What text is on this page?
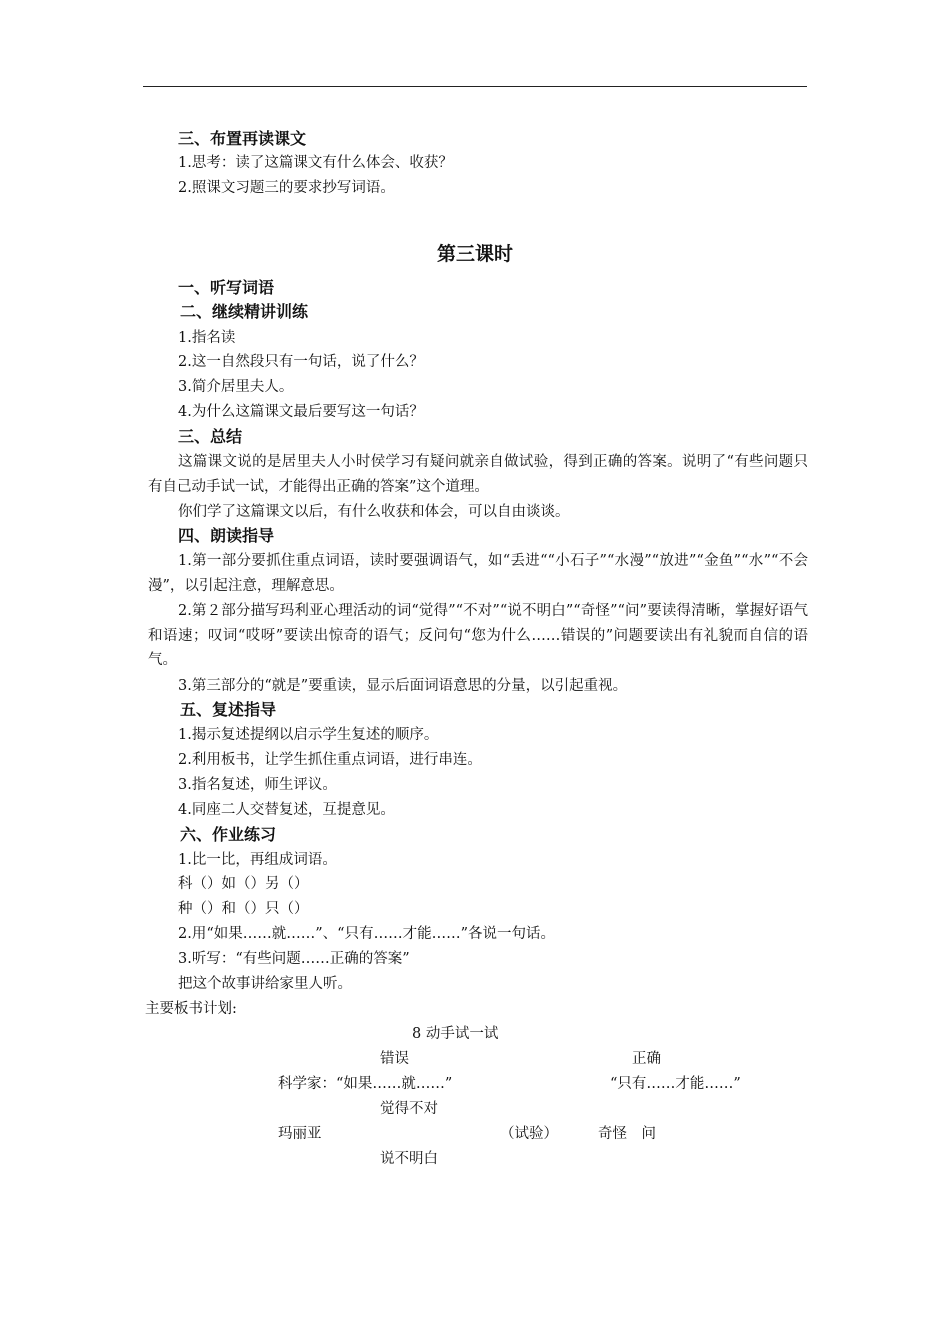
三、布置再读课文
1.思考：读了这篇课文有什么体会、收获？
2.照课文习题三的要求抄写词语。
第三课时
一、听写词语
二、继续精讲训练
1.指名读
2.这一自然段只有一句话，说了什么？
3.简介居里夫人。
4.为什么这篇课文最后要写这一句话？
三、总结
这篇课文说的是居里夫人小时侯学习有疑问就亲自做试验，得到正确的答案。说明了“有些问题只有自己动手试一试，才能得出正确的答案”这个道理。
你们学了这篇课文以后，有什么收获和体会，可以自由谈谈。
四、朗读指导
1.第一部分要抓住重点词语，读时要强调语气，如“丢进““小石子”“水漫”“放进”“金鱼”“水”“不会漫”，以引起注意，理解意思。
2.第２部分描写玛利亚心理活动的词“觉得”“不对”“说不明白”“奇怪”“问”要读得清晰，掌握好语气和语速；叹词“哎呀”要读出惊奇的语气；反问句“您为什么……错误的”问题要读出有礼貌而自信的语气。
3.第三部分的“就是”要重读，显示后面词语意思的分量，以引起重视。
五、复述指导
1.揭示复述提纲以启示学生复述的顺序。
2.利用板书，让学生抓住重点词语，进行串连。
3.指名复述，师生评议。
4.同座二人交替复述，互提意见。
六、作业练习
1.比一比，再组成词语。
科（）如（）另（）
种（）和（）只（）
2.用“如果……就……”、“只有……才能……”各说一句话。
3.听写：“有些问题……正确的答案”
把这个故事讲给家里人听。
主要板书计划:
8 动手试一试
错误	正确
科学家：“如果……就……”	“只有……才能……”
觉得不对
玛丽亚	（试验）	奇怪　问
说不明白
